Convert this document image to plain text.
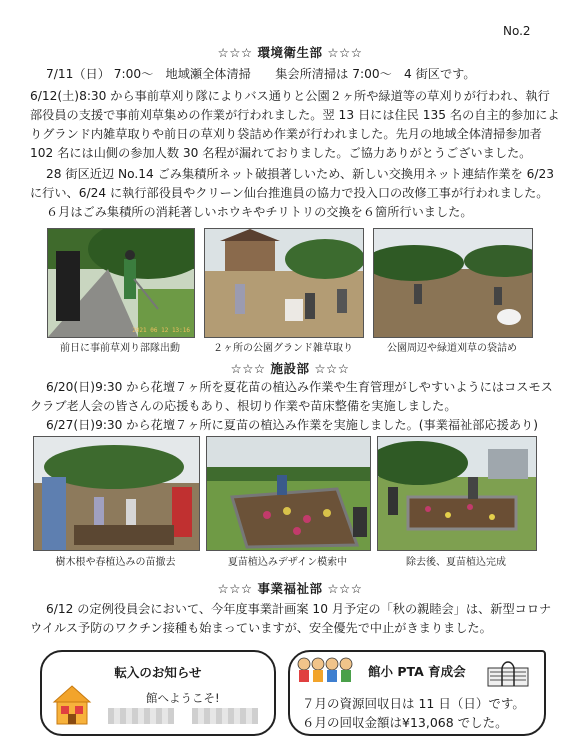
No.2
☆☆☆ 環境衛生部 ☆☆☆
7/11（日） 7:00～　地域瀬全体清掃　　集会所清掃は 7:00～　4 街区です。
6/12(土)8:30 から事前草刈り隊によりバス通りと公園２ヶ所や緑道等の草刈りが行われ、執行部役員の支援で事前刈草集めの作業が行われました。翌 13 日には住民 135 名の自主的参加によりグランド内雑草取りや前日の草刈り袋詰め作業が行われました。先月の地域全体清掃参加者 102 名には山側の参加人数 30 名程が漏れておりました。ご協力ありがとうございました。
28 街区近辺 No.14 ごみ集積所ネット破損著しいため、新しい交換用ネット連結作業を 6/23 に行い、6/24 に執行部役員やクリーン仙台推進員の協力で投入口の改修工事が行われました。
６月はごみ集積所の消耗著しいホウキやチリトリの交換を６箇所行いました。
2021 06 12 13:16
前日に事前草刈り部隊出動	２ヶ所の公園グランド雑草取り	公園周辺や緑道刈草の袋詰め
☆☆☆ 施設部 ☆☆☆
6/20(日)9:30 から花壇７ヶ所を夏花苗の植込み作業や生育管理がしやすいようにはコスモスクラブ老人会の皆さんの応援もあり、根切り作業や苗床整備を実施しました。
6/27(日)9:30 から花壇７ヶ所に夏苗の植込み作業を実施しました。(事業福祉部応援あり)
樹木根や春植込みの苗撤去	夏苗植込みデザイン模索中	除去後、夏苗植込完成
☆☆☆ 事業福祉部 ☆☆☆
6/12 の定例役員会において、今年度事業計画案 10 月予定の「秋の親睦会」は、新型コロナウイルス予防のワクチン接種も始まっていますが、安全優先で中止がきまりました。
転入のお知らせ
館へようこそ!
館小 PTA 育成会
７月の資源回収日は 11 日（日）です。
６月の回収金額は¥13,068 でした。
